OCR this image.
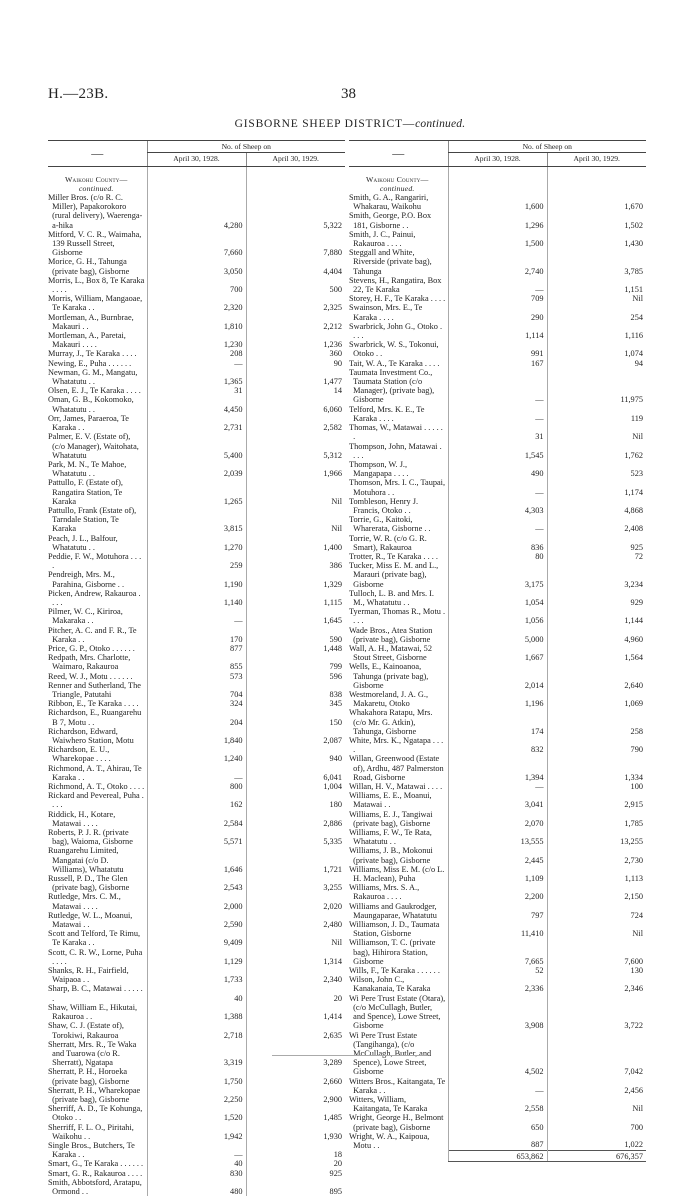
H.—23B.	38
GISBORNE SHEEP DISTRICT—continued.
—	No. of Sheep on	
	April 30, 1928.	April 30, 1929.

Waikohu County—continued.		
Miller Bros. (c/o R. C. Miller), Papakorokoro (rural delivery), Waerenga-a-hika	4,280	5,322
Mitford, V. C. R., Waimaha, 139 Russell Street, Gisborne	7,660	7,880
Morice, G. H., Tahunga (private bag), Gisborne	3,050	4,404
Morris, L., Box 8, Te Karaka . . . .	700	500
Morris, William, Mangaoae, Te Karaka . .	2,320	2,325
Mortleman, A., Burnbrae, Makauri . .	1,810	2,212
Mortleman, A., Paretai, Makauri . . . .	1,230	1,236
Murray, J., Te Karaka . . . .	208	360
Newing, E., Puha . . . . . .	—	90
Newman, G. M., Mangatu, Whatatutu . .	1,365	1,477
Olsen, E. J., Te Karaka . . . .	31	14
Oman, G. B., Kokomoko, Whatatutu . .	4,450	6,060
Orr, James, Paraeroa, Te Karaka . .	2,731	2,582
Palmer, E. V. (Estate of), (c/o Manager), Waitohata, Whatatutu	5,400	5,312
Park, M. N., Te Mahoe, Whatatutu . .	2,039	1,966
Pattullo, F. (Estate of), Rangatira Station, Te Karaka	1,265	Nil
Pattullo, Frank (Estate of), Tarndale Station, Te Karaka	3,815	Nil
Peach, J. L., Balfour, Whatatutu . .	1,270	1,400
Peddie, F. W., Motuhora . . . .	259	386
Pendreigh, Mrs. M., Parahina, Gisborne . .	1,190	1,329
Picken, Andrew, Rakauroa . . . .	1,140	1,115
Pilmer, W. C., Kiriroa, Makaraka . .	—	1,645
Pitcher, A. C. and F. R., Te Karaka . .	170	590
Price, G. P., Otoko . . . . . .	877	1,448
Redpath, Mrs. Charlotte, Waimaro, Rakauroa	855	799
Reed, W. J., Motu . . . . . .	573	596
Renner and Sutherland, The Triangle, Patutahi	704	838
Ribbon, E., Te Karaka . . . .	324	345
Richardson, E., Ruangarehu B 7, Motu . .	204	150
Richardson, Edward, Waiwhero Station, Motu	1,840	2,087
Richardson, E. U., Wharekopae . . . .	1,240	940
Richmond, A. T., Ahirau, Te Karaka . .	—	6,041
Richmond, A. T., Otoko . . . .	800	1,004
Rickard and Pevereal, Puha . . . .	162	180
Riddick, H., Kotare, Matawai . . . .	2,584	2,886
Roberts, P. J. R. (private bag), Waioma, Gisborne	5,571	5,335
Ruangarehu Limited, Mangatai (c/o D. Williams), Whatatutu	1,646	1,721
Russell, P. D., The Glen (private bag), Gisborne	2,543	3,255
Rutledge, Mrs. C. M., Matawai . . . .	2,000	2,020
Rutledge, W. L., Moanui, Matawai . .	2,590	2,480
Scott and Telford, Te Rimu, Te Karaka . .	9,409	Nil
Scott, C. R. W., Lorne, Puha . . . .	1,129	1,314
Shanks, R. H., Fairfield, Waipaoa . .	1,733	2,340
Sharp, B. C., Matawai . . . . . .	40	20
Shaw, William E., Hikutai, Rakauroa . .	1,388	1,414
Shaw, C. J. (Estate of), Torokiwi, Rakauroa	2,718	2,635
Sherratt, Mrs. R., Te Waka and Tuarowa (c/o R. Sherratt), Ngatapa	3,319	3,289
Sherratt, P. H., Horoeka (private bag), Gisborne	1,750	2,660
Sherratt, P. H., Wharekopae (private bag), Gisborne	2,250	2,900
Sherriff, A. D., Te Kohunga, Otoko . .	1,520	1,485
Sherriff, F. L. O., Piritahi, Waikohu . .	1,942	1,930
Single Bros., Butchers, Te Karaka . .	—	18
Smart, G., Te Karaka . . . . . .	40	20
Smart, G. R., Rakauroa . . . .	830	925
Smith, Abbotsford, Aratapu, Ormond . .	480	895
—	No. of Sheep on	
	April 30, 1928.	April 30, 1929.

Waikohu County—continued.		
Smith, G. A., Rangariri, Whakarau, Waikohu	1,600	1,670
Smith, George, P.O. Box 181, Gisborne . .	1,296	1,502
Smith, J. C., Painui, Rakauroa . . . .	1,500	1,430
Steggall and White, Riverside (private bag), Tahunga	2,740	3,785
Stevens, H., Rangatira, Box 22, Te Karaka	—	1,151
Storey, H. F., Te Karaka . . . .	709	Nil
Swainson, Mrs. E., Te Karaka . . . .	290	254
Swarbrick, John G., Otoko . . . .	1,114	1,116
Swarbrick, W. S., Tokonui, Otoko . .	991	1,074
Tait, W. A., Te Karaka . . . .	167	94
Taumata Investment Co., Taumata Station (c/o Manager), (private bag), Gisborne	—	11,975
Telford, Mrs. K. E., Te Karaka . . . .	—	119
Thomas, W., Matawai . . . . . .	31	Nil
Thompson, John, Matawai . . . .	1,545	1,762
Thompson, W. J., Mangapapa . . . .	490	523
Thomson, Mrs. I. C., Taupai, Motuhora . .	—	1,174
Tombleson, Henry J. Francis, Otoko . .	4,303	4,868
Torrie, G., Kaitoki, Wharerata, Gisborne . .	—	2,408
Torrie, W. R. (c/o G. R. Smart), Rakauroa	836	925
Trotter, R., Te Karaka . . . .	80	72
Tucker, Miss E. M. and L., Marauri (private bag), Gisborne	3,175	3,234
Tulloch, L. B. and Mrs. I. M., Whatatutu . .	1,054	929
Tyerman, Thomas R., Motu . . . .	1,056	1,144
Wade Bros., Atea Station (private bag), Gisborne	5,000	4,960
Wall, A. H., Matawai, 52 Stout Street, Gisborne	1,667	1,564
Wells, E., Kainoanoa, Tahunga (private bag), Gisborne	2,014	2,640
Westmoreland, J. A. G., Makaretu, Otoko	1,196	1,069
Whakahora Ratapu, Mrs. (c/o Mr. G. Atkin), Tahunga, Gisborne	174	258
White, Mrs. K., Ngatapa . . . .	832	790
Willan, Greenwood (Estate of), Ardhu, 487 Palmerston Road, Gisborne	1,394	1,334
Willan, H. V., Matawai . . . .	—	100
Williams, E. E., Moanui, Matawai . .	3,041	2,915
Williams, E. J., Tangiwai (private bag), Gisborne	2,070	1,785
Williams, F. W., Te Rata, Whatatutu . .	13,555	13,255
Williams, J. B., Mokonui (private bag), Gisborne	2,445	2,730
Williams, Miss E. M. (c/o L. H. Maclean), Puha	1,109	1,113
Williams, Mrs. S. A., Rakauroa . . . .	2,200	2,150
Williams and Gaukrodger, Maungaparae, Whatatutu	797	724
Williamson, J. D., Taumata Station, Gisborne	11,410	Nil
Williamson, T. C. (private bag), Hihirora Station, Gisborne	7,665	7,600
Wills, F., Te Karaka . . . . . .	52	130
Wilson, John C., Kanakanaia, Te Karaka	2,336	2,346
Wi Pere Trust Estate (Otara), (c/o McCullagh, Butler, and Spence), Lowe Street, Gisborne	3,908	3,722
Wi Pere Trust Estate (Tangihanga), (c/o McCullagh, Butler, and Spence), Lowe Street, Gisborne	4,502	7,042
Witters Bros., Kaitangata, Te Karaka . .	—	2,456
Witters, William, Kaitangata, Te Karaka	2,558	Nil
Wright, George H., Belmont (private bag), Gisborne	650	700
Wright, W. A., Kaipoua, Motu . .	887	1,022
	653,862	676,357
